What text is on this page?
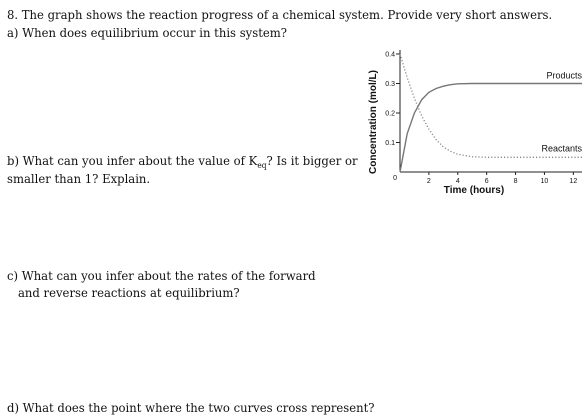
8. The graph shows the reaction progress of a chemical system. Provide very short answers.
a) When does equilibrium occur in this system?
b) What can you infer about the value of $K_{eq}$? Is it bigger or
smaller than 1? Explain.
c) What can you infer about the rates of the forward
and reverse reactions at equilibrium?
d) What does the point where the two curves cross represent?
Concentration (mol/L)
Time (hours)
0
0.4
0.3
0.2
0.1
2	4	6	8	10	12
Products
Reactants
